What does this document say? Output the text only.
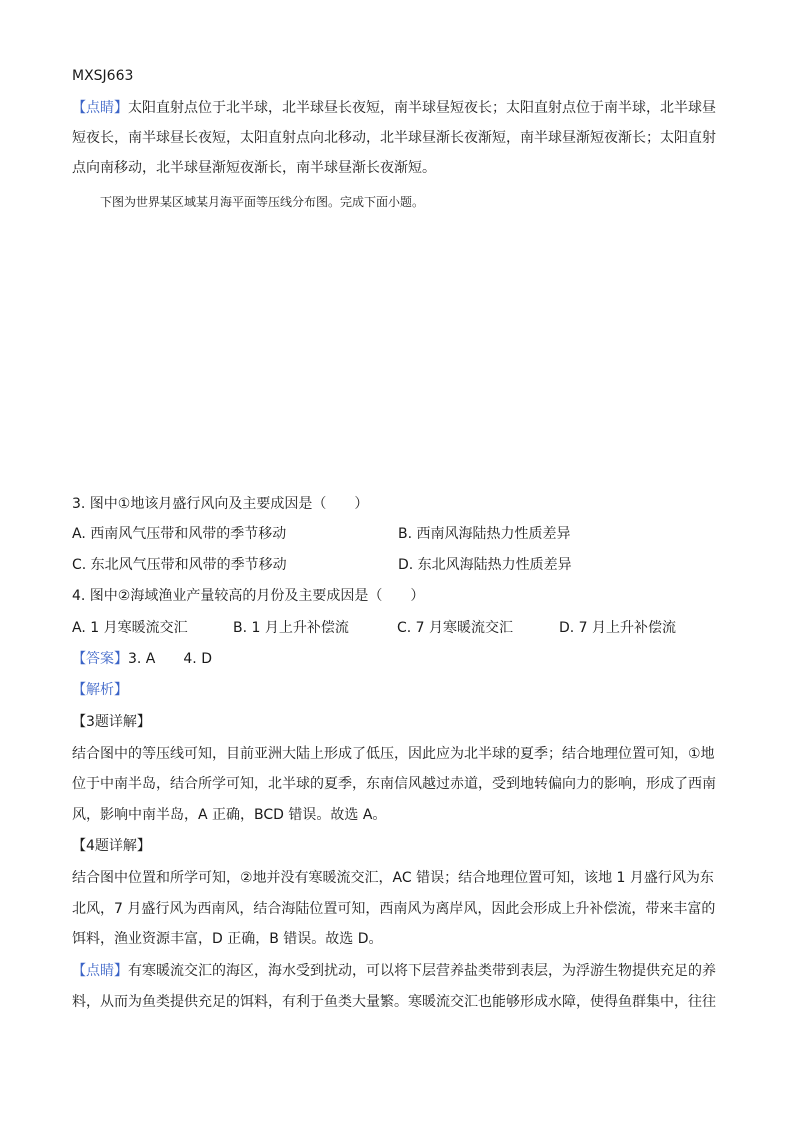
MXSJ663
【点睛】太阳直射点位于北半球，北半球昼长夜短，南半球昼短夜长；太阳直射点位于南半球，北半球昼
短夜长，南半球昼长夜短，太阳直射点向北移动，北半球昼渐长夜渐短，南半球昼渐短夜渐长；太阳直射
点向南移动，北半球昼渐短夜渐长，南半球昼渐长夜渐短。
下图为世界某区域某月海平面等压线分布图。完成下面小题。
3. 图中①地该月盛行风向及主要成因是（　　）
A. 西南风气压带和风带的季节移动	B. 西南风海陆热力性质差异
C. 东北风气压带和风带的季节移动	D. 东北风海陆热力性质差异
4. 图中②海域渔业产量较高的月份及主要成因是（　　）
A. 1 月寒暖流交汇	B. 1 月上升补偿流	C. 7 月寒暖流交汇	D. 7 月上升补偿流
【答案】3. A　　4. D
【解析】
【3题详解】
结合图中的等压线可知，目前亚洲大陆上形成了低压，因此应为北半球的夏季；结合地理位置可知，①地
位于中南半岛，结合所学可知，北半球的夏季，东南信风越过赤道，受到地转偏向力的影响，形成了西南
风，影响中南半岛，A 正确，BCD 错误。故选 A。
【4题详解】
结合图中位置和所学可知，②地并没有寒暖流交汇，AC 错误；结合地理位置可知，该地 1 月盛行风为东
北风，7 月盛行风为西南风，结合海陆位置可知，西南风为离岸风，因此会形成上升补偿流，带来丰富的
饵料，渔业资源丰富，D 正确，B 错误。故选 D。
【点睛】有寒暖流交汇的海区，海水受到扰动，可以将下层营养盐类带到表层，为浮游生物提供充足的养
料，从而为鱼类提供充足的饵料，有利于鱼类大量繁。寒暖流交汇也能够形成水障，使得鱼群集中，往往
